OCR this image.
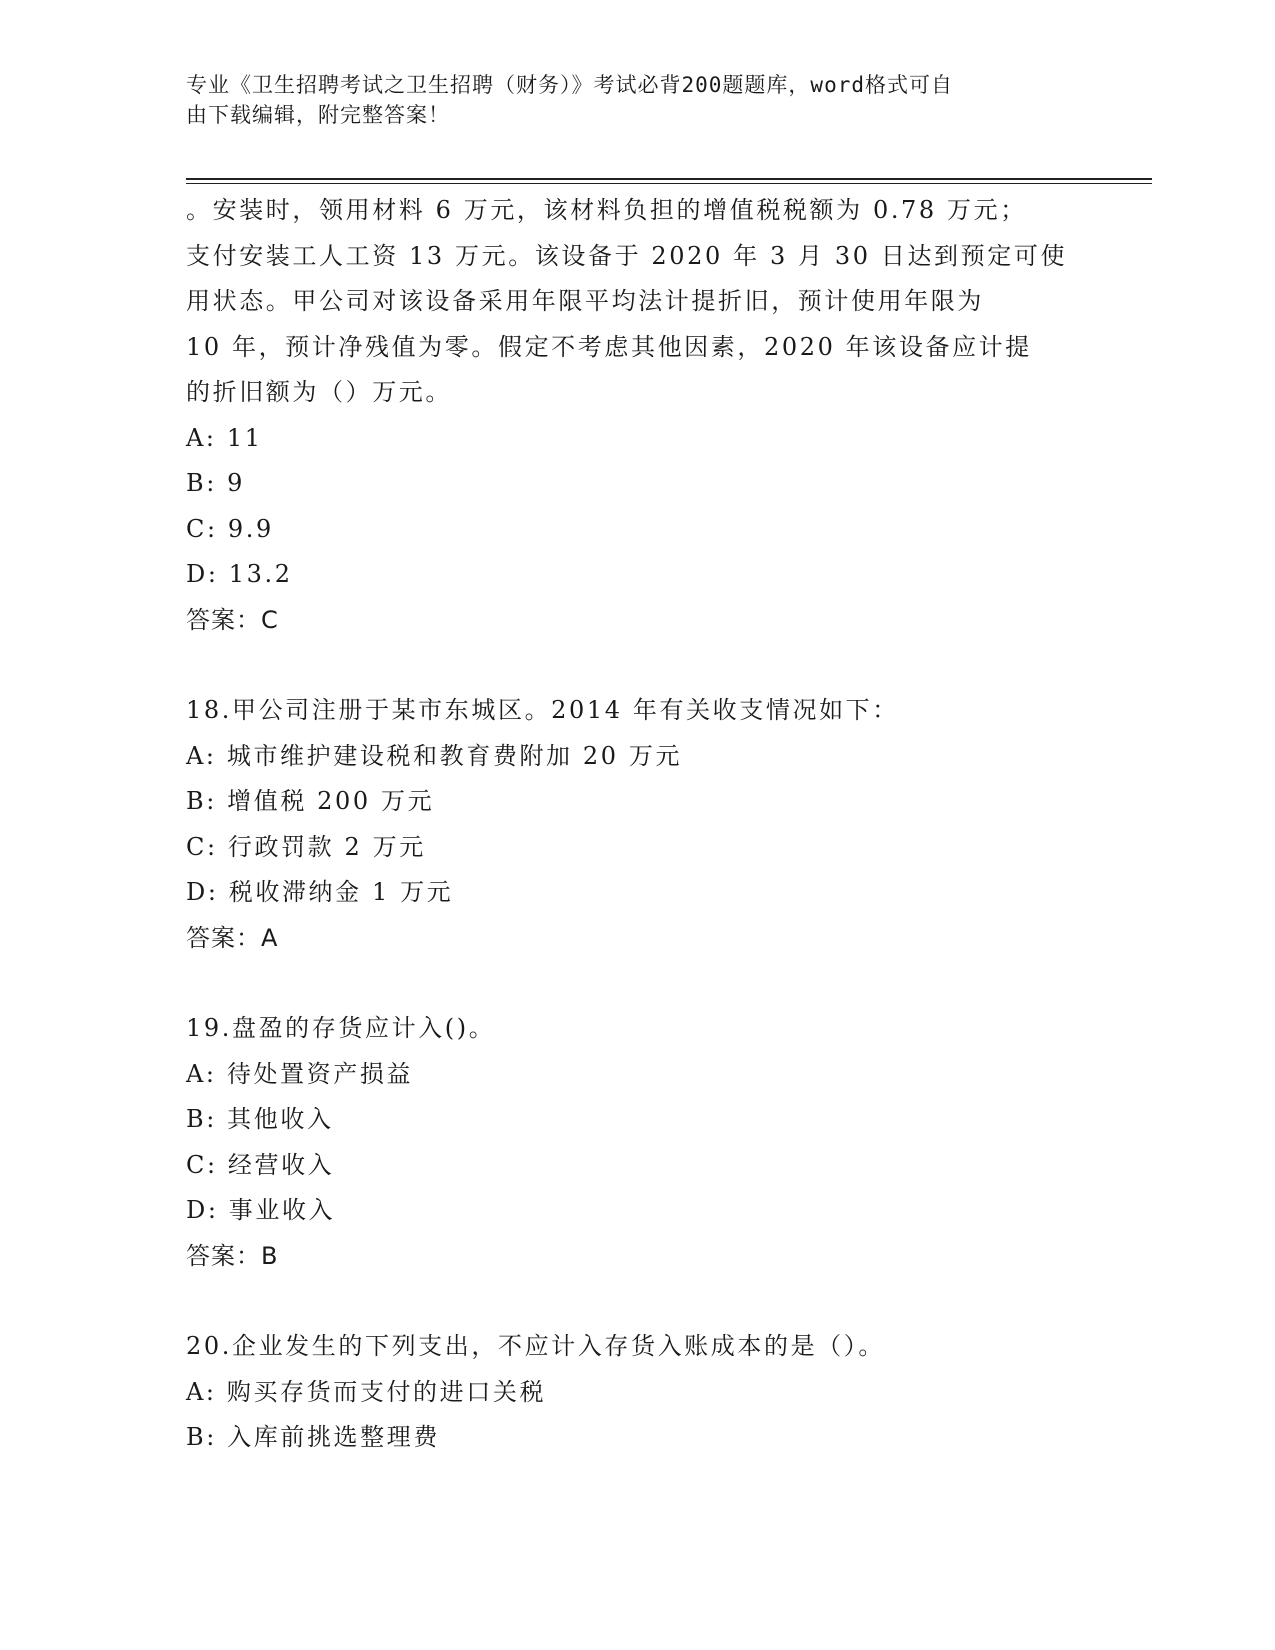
专业《卫生招聘考试之卫生招聘（财务）》考试必背200题题库，word格式可自
由下载编辑，附完整答案！
。安装时，领用材料 6 万元，该材料负担的增值税税额为 0.78 万元；
支付安装工人工资 13 万元。该设备于 2020 年 3 月 30 日达到预定可使
用状态。甲公司对该设备采用年限平均法计提折旧，预计使用年限为
10 年，预计净残值为零。假定不考虑其他因素，2020 年该设备应计提
的折旧额为（）万元。
A: 11
B: 9
C: 9.9
D: 13.2
答案：C
18.甲公司注册于某市东城区。2014 年有关收支情况如下：
A: 城市维护建设税和教育费附加 20 万元
B: 增值税 200 万元
C: 行政罚款 2 万元
D: 税收滞纳金 1 万元
答案：A
19.盘盈的存货应计入()。
A: 待处置资产损益
B: 其他收入
C: 经营收入
D: 事业收入
答案：B
20.企业发生的下列支出，不应计入存货入账成本的是（）。
A: 购买存货而支付的进口关税
B: 入库前挑选整理费
